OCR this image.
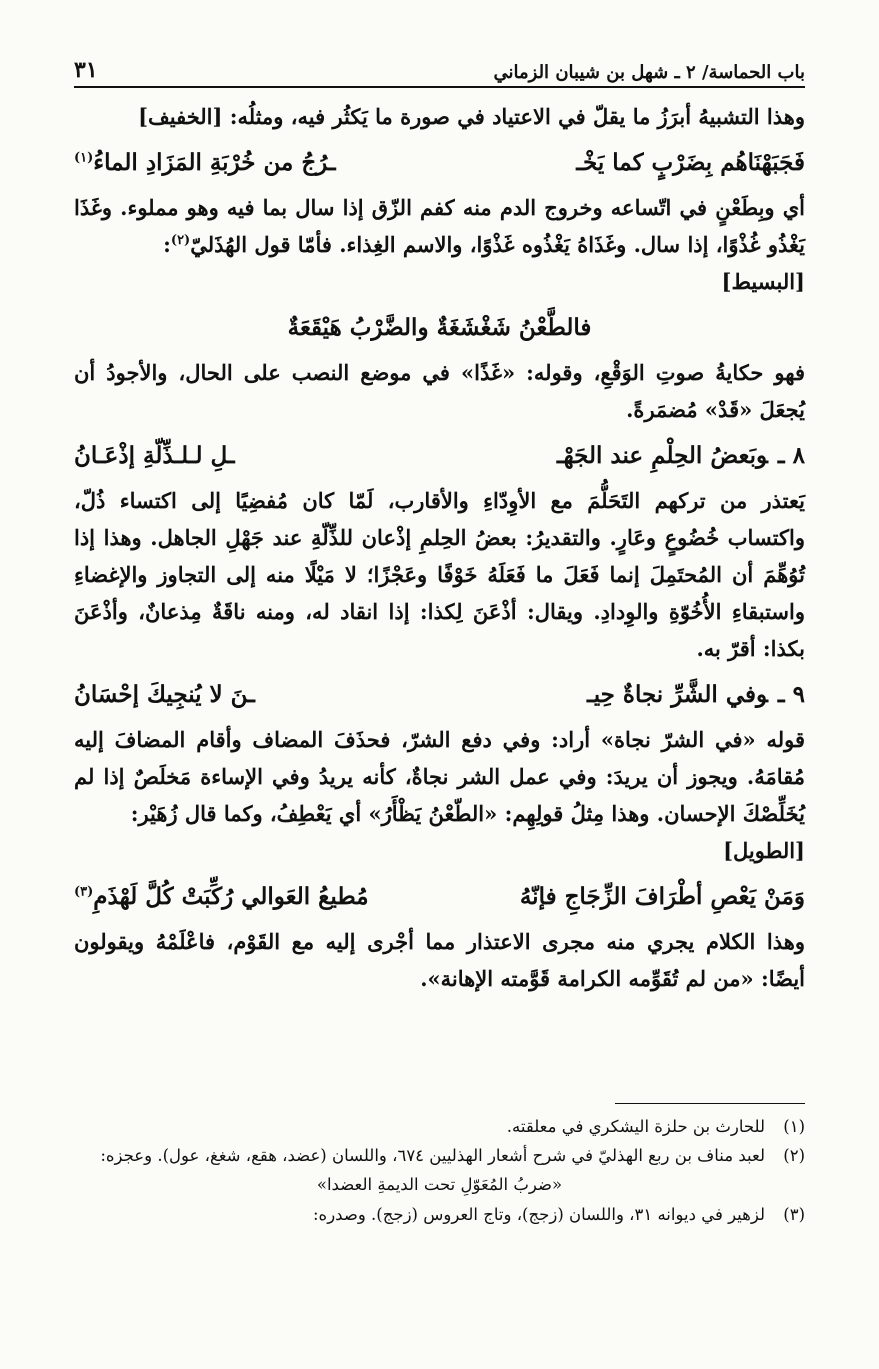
باب الحماسة/ ٢ ـ شهل بن شيبان الزماني
٣١

وهذا التشبيهُ أبرَزُ ما يقلّ في الاعتياد في صورة ما يَكثُر فيه، ومثلُه: [الخفيف]

فَجَبَهْنَاهُم بِضَرْبٍ كما يَخْـ
ـرُجُ من خُرْبَةِ المَزَادِ الماءُ$^{(١)}$

أي وبِطَعْنٍ في اتّساعه وخروج الدم منه كفم الزّق إذا سال بما فيه وهو مملوء. وغَذَا يَغْذُو غُذْوًا، إذا سال. وغَذَاهُ يَغْذُوه غَذْوًا، والاسم الغِذاء. فأمّا قول الهُذَليّ$^{(٢)}$:

[البسيط]

فالطَّعْنُ شَغْشَغَةٌ والضَّرْبُ هَيْقَعَةٌ

فهو حكايةُ صوتِ الوَقْعِ، وقوله: «غَذًا» في موضع النصب على الحال، والأجودُ أن يُجعَلَ «قَدْ» مُضمَرةً.

٨ ـوبَعضُ الحِلْمِ عند الجَهْـ
ـلِ لـلـذِّلّةِ إذْعَـانُ

يَعتذر من تركهم التَحَلُّمَ مع الأوِدّاءِ والأقارب، لَمّا كان مُفضِيًا إلى اكتساء ذُلّ، واكتساب خُضُوعٍ وعَارٍ. والتقديرُ: بعضُ الحِلمِ إذْعان للذِّلّةِ عند جَهْلِ الجاهل. وهذا إذا تُوُهِّمَ أن المُحتَمِلَ إنما فَعَلَ ما فَعَلَهُ خَوْفًا وعَجْزًا؛ لا مَيْلًا منه إلى التجاوز والإغضاءِ واستبقاءِ الأُخُوّةِ والوِدادِ. ويقال: أذْعَنَ لِكذا: إذا انقاد له، ومنه ناقَةٌ مِذعانٌ، وأذْعَنَ بكذا: أقرّ به.

٩ ـوفي الشَّرِّ نجاةٌ حِيـ
ـنَ لا يُنجِيكَ إحْسَانُ

قوله «في الشرّ نجاة» أراد: وفي دفع الشرّ، فحذَفَ المضاف وأقام المضافَ إليه مُقامَهُ. ويجوز أن يريدَ: وفي عمل الشر نجاةٌ، كأنه يريدُ وفي الإساءة مَخلَصٌ إذا لم يُخَلِّصْكَ الإحسان. وهذا مِثلُ قولِهِم: «الطّعْنُ يَظْأَرُ» أي يَعْطِفُ، وكما قال زُهَيْر:

[الطويل]

وَمَنْ يَعْصِ أطْرَافَ الزِّجَاجِ فإنّهُ
مُطيعُ العَوالي رُكِّبَتْ كُلَّ لَهْذَمِ$^{(٣)}$

وهذا الكلام يجري منه مجرى الاعتذار مما أجْرى إليه مع القَوْم، فاعْلَمْهُ ويقولون أيضًا: «من لم تُقَوِّمه الكرامة قَوَّمته الإهانة».

(١)
للحارث بن حلزة اليشكري في معلقته.

(٢)
لعبد مناف بن ربع الهذليّ في شرح أشعار الهذليين ٦٧٤، واللسان (عضد، هقع، شغغ، عول). وعجزه:

«ضربُ المُعَوّلِ تحت الديمةِ العضدا»

(٣)
لزهير في ديوانه ٣١، واللسان (زجج)، وتاج العروس (زجج). وصدره:
